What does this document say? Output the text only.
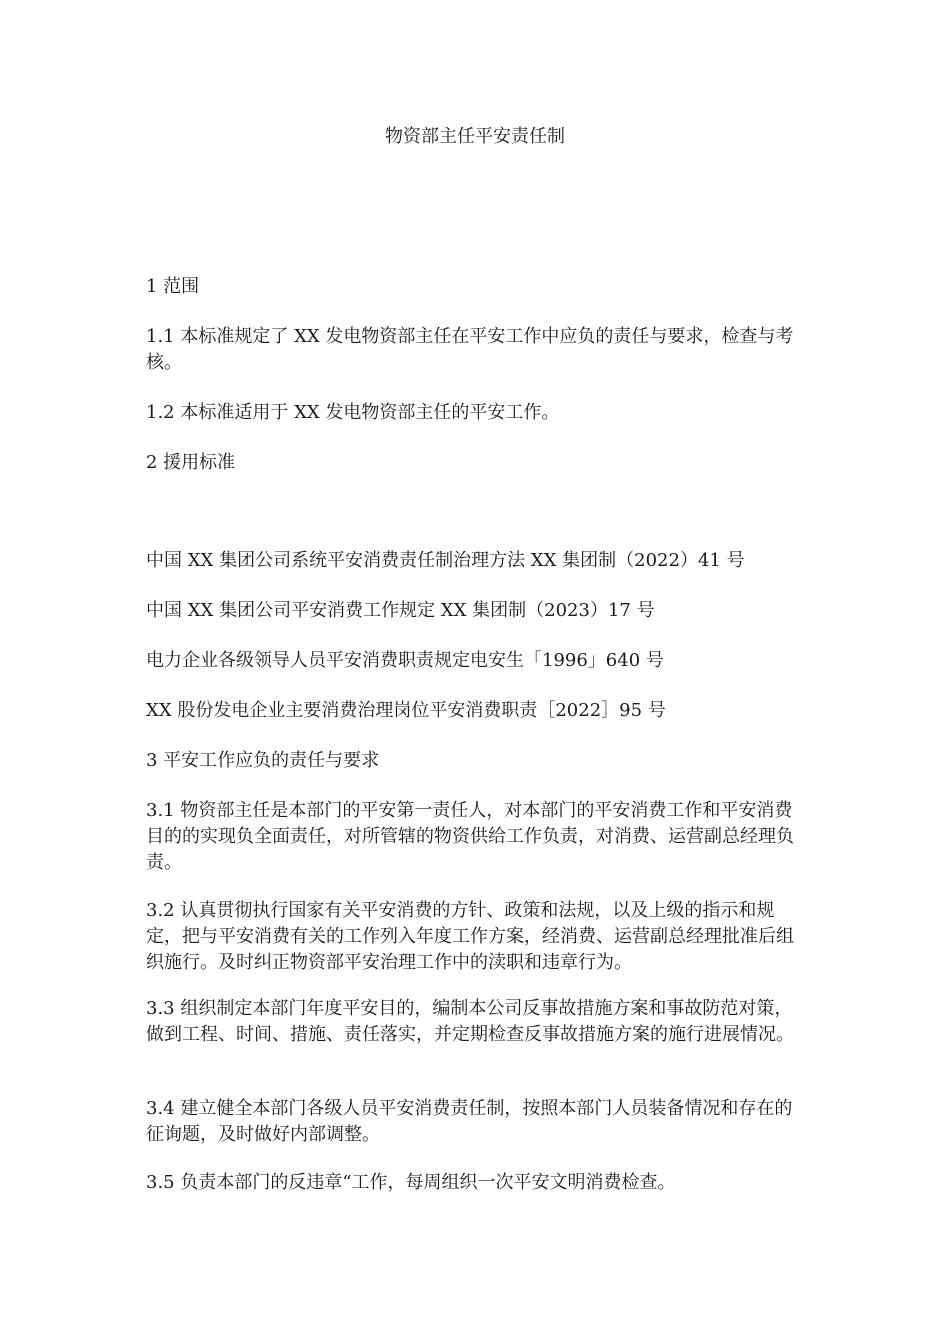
物资部主任平安责任制

1 范围

1.1 本标准规定了 XX 发电物资部主任在平安工作中应负的责任与要求，检查与考核。

1.2 本标准适用于 XX 发电物资部主任的平安工作。

2 援用标准

中国 XX 集团公司系统平安消费责任制治理方法 XX 集团制（2022）41 号

中国 XX 集团公司平安消费工作规定 XX 集团制（2023）17 号

电力企业各级领导人员平安消费职责规定电安生「1996」640 号

XX 股份发电企业主要消费治理岗位平安消费职责［2022］95 号

3 平安工作应负的责任与要求

3.1 物资部主任是本部门的平安第一责任人，对本部门的平安消费工作和平安消费目的的实现负全面责任，对所管辖的物资供给工作负责，对消费、运营副总经理负责。

3.2 认真贯彻执行国家有关平安消费的方针、政策和法规，以及上级的指示和规定，把与平安消费有关的工作列入年度工作方案，经消费、运营副总经理批准后组织施行。及时纠正物资部平安治理工作中的渎职和违章行为。

3.3 组织制定本部门年度平安目的，编制本公司反事故措施方案和事故防范对策，做到工程、时间、措施、责任落实，并定期检查反事故措施方案的施行进展情况。

3.4 建立健全本部门各级人员平安消费责任制，按照本部门人员装备情况和存在的征询题，及时做好内部调整。

3.5 负责本部门的反违章“工作，每周组织一次平安文明消费检查。
